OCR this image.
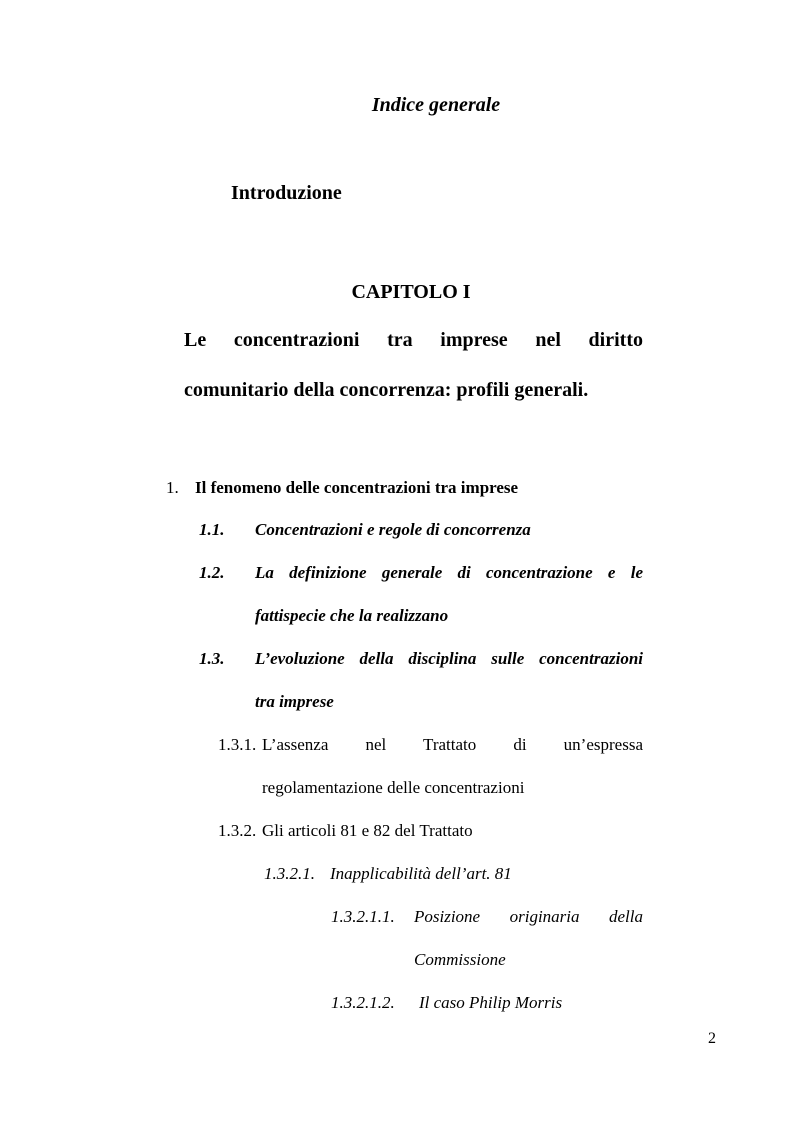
Indice generale
Introduzione
CAPITOLO I
Le concentrazioni tra imprese nel diritto
comunitario della concorrenza: profili generali.
1. Il fenomeno delle concentrazioni tra imprese
1.1. Concentrazioni e regole di concorrenza
1.2. La definizione generale di concentrazione e le
fattispecie che la realizzano
1.3. L’evoluzione della disciplina sulle concentrazioni
tra imprese
1.3.1. L’assenza nel Trattato di un’espressa
regolamentazione delle concentrazioni
1.3.2. Gli articoli 81 e 82 del Trattato
1.3.2.1. Inapplicabilità dell’art. 81
1.3.2.1.1. Posizione originaria della
Commissione
1.3.2.1.2. Il caso Philip Morris
2
